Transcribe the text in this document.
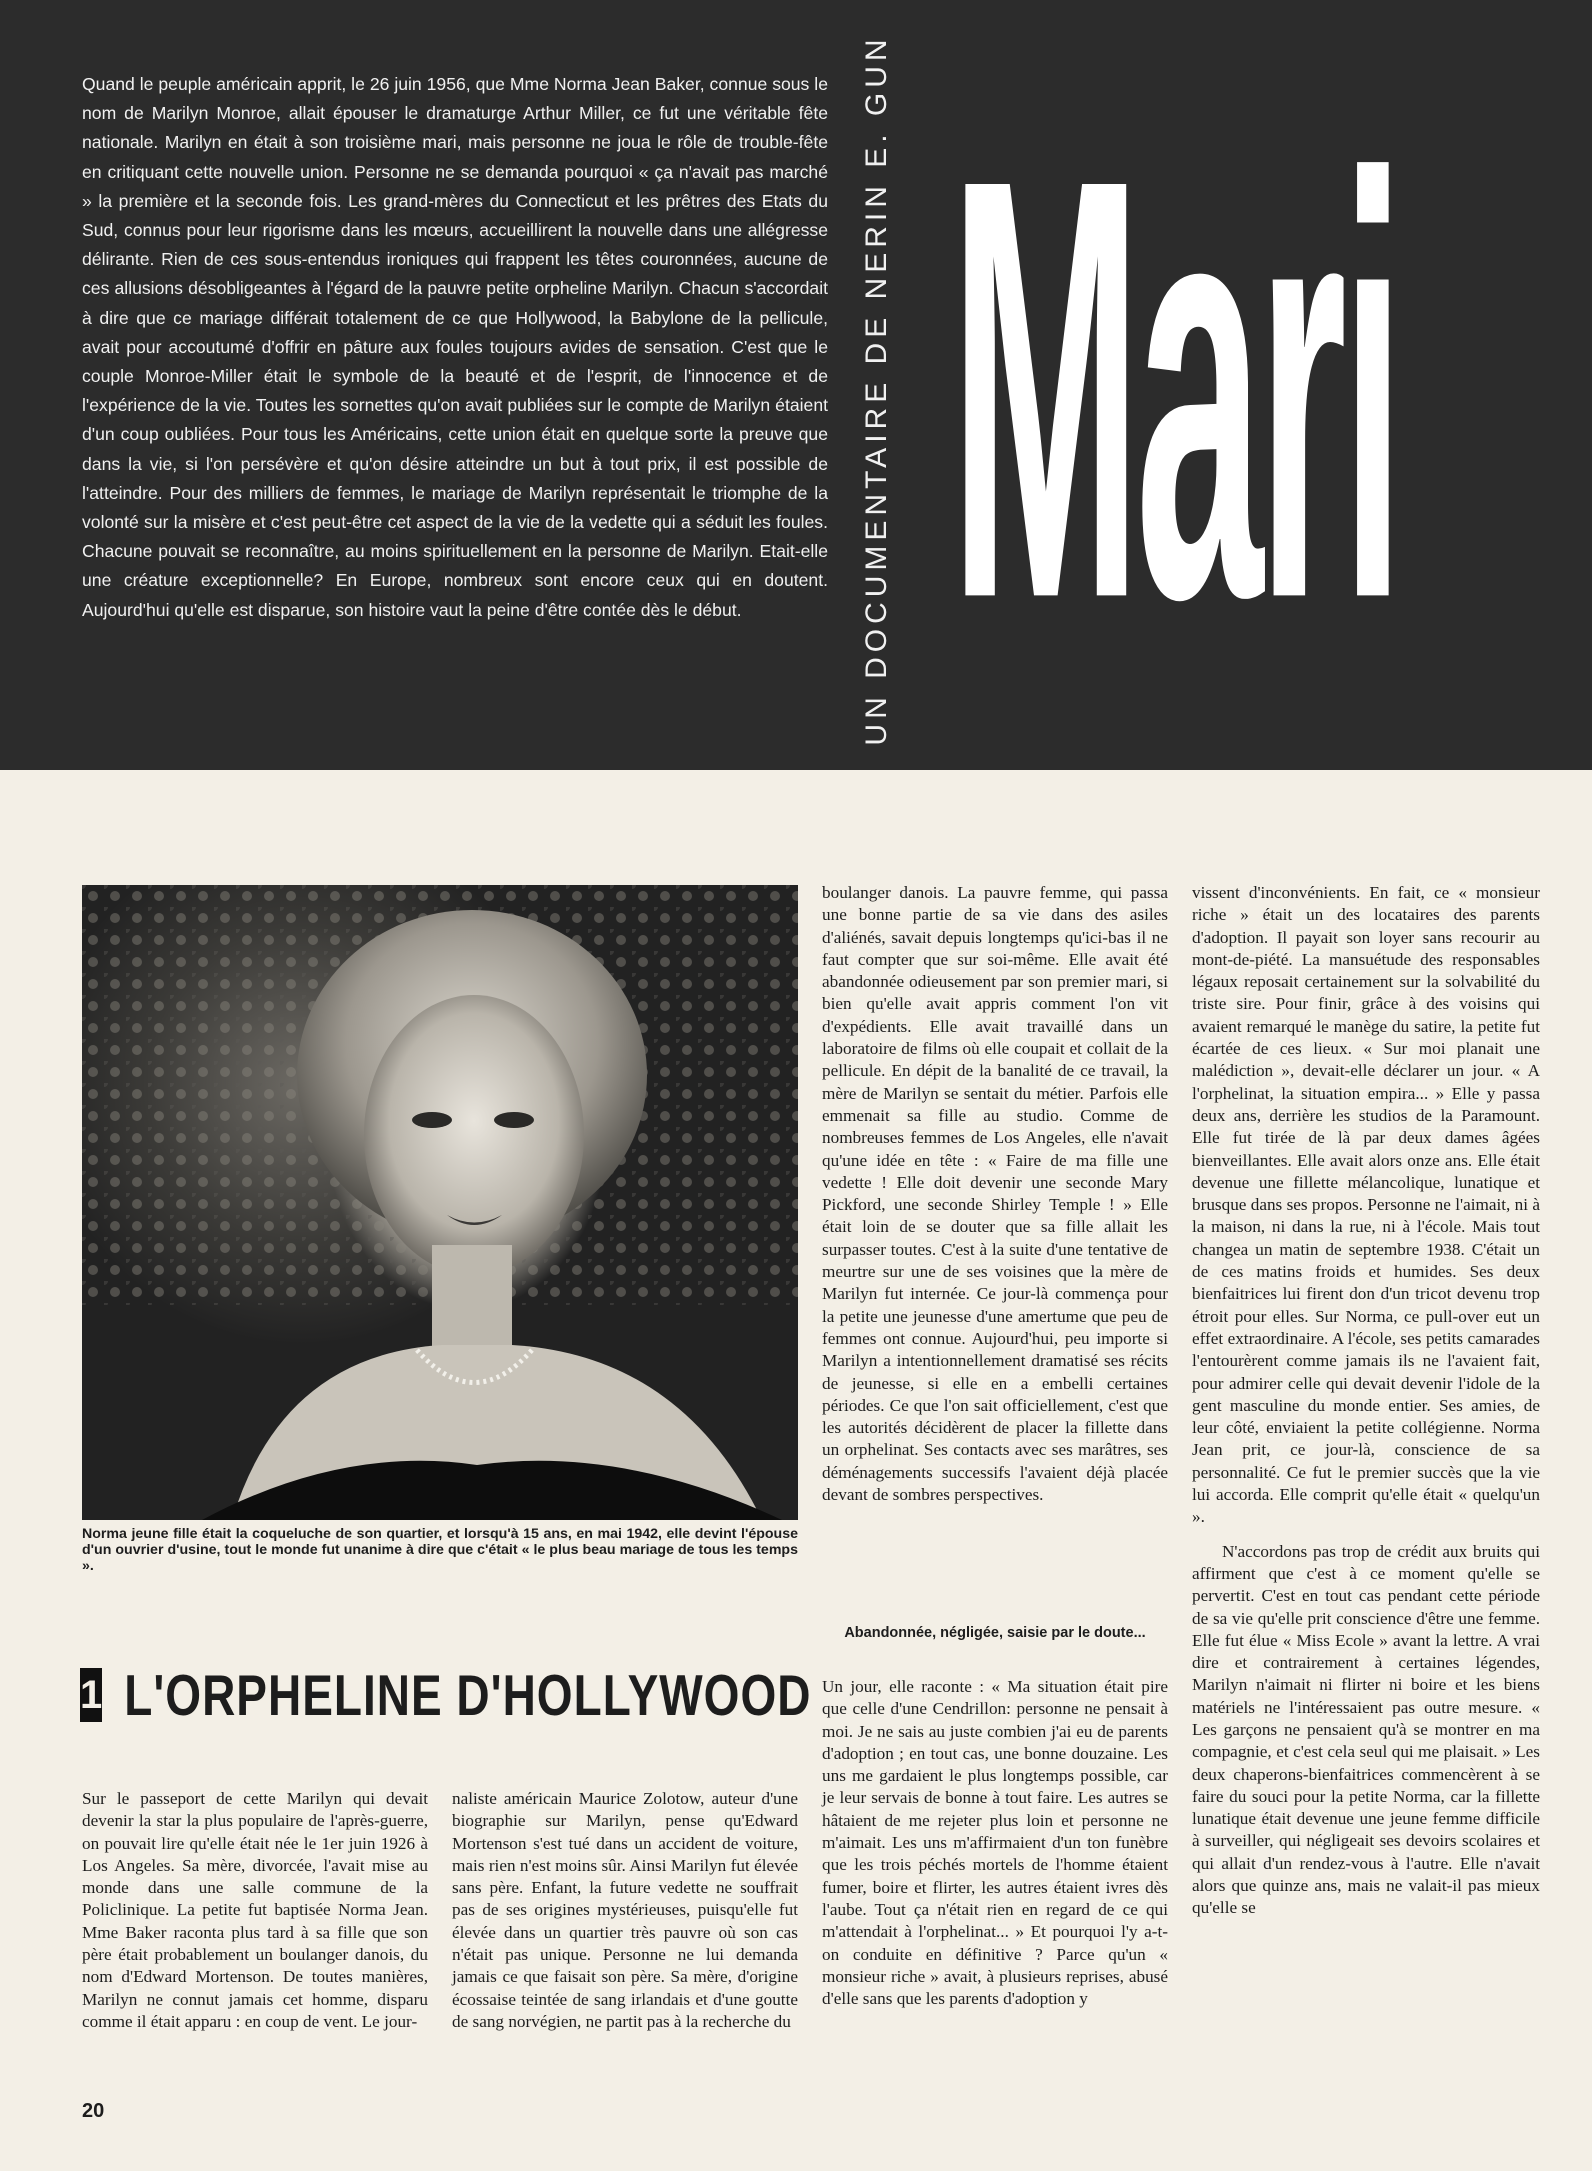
Quand le peuple américain apprit, le 26 juin 1956, que Mme Norma Jean Baker, connue sous le nom de Marilyn Monroe, allait épouser le dramaturge Arthur Miller, ce fut une véritable fête nationale. Marilyn en était à son troisième mari, mais personne ne joua le rôle de trouble-fête en critiquant cette nouvelle union. Personne ne se demanda pourquoi « ça n'avait pas marché » la première et la seconde fois. Les grand-mères du Connecticut et les prêtres des Etats du Sud, connus pour leur rigorisme dans les mœurs, accueillirent la nouvelle dans une allégresse délirante. Rien de ces sous-entendus ironiques qui frappent les têtes couronnées, aucune de ces allusions désobligeantes à l'égard de la pauvre petite orpheline Marilyn. Chacun s'accordait à dire que ce mariage différait totalement de ce que Hollywood, la Babylone de la pellicule, avait pour accoutumé d'offrir en pâture aux foules toujours avides de sensation. C'est que le couple Monroe-Miller était le symbole de la beauté et de l'esprit, de l'innocence et de l'expérience de la vie. Toutes les sornettes qu'on avait publiées sur le compte de Marilyn étaient d'un coup oubliées. Pour tous les Américains, cette union était en quelque sorte la preuve que dans la vie, si l'on persévère et qu'on désire atteindre un but à tout prix, il est possible de l'atteindre. Pour des milliers de femmes, le mariage de Marilyn représentait le triomphe de la volonté sur la misère et c'est peut-être cet aspect de la vie de la vedette qui a séduit les foules. Chacune pouvait se reconnaître, au moins spirituellement en la personne de Marilyn. Etait-elle une créature exceptionnelle? En Europe, nombreux sont encore ceux qui en doutent. Aujourd'hui qu'elle est disparue, son histoire vaut la peine d'être contée dès le début.	UN DOCUMENTAIRE DE NERIN E. GUN Mari

Norma jeune fille était la coqueluche de son quartier, et lorsqu'à 15 ans, en mai 1942, elle devint l'épouse d'un ouvrier d'usine, tout le monde fut unanime à dire que c'était « le plus beau mariage de tous les temps ».

1 L'ORPHELINE D'HOLLYWOOD

Sur le passeport de cette Marilyn qui devait devenir la star la plus populaire de l'après-guerre, on pouvait lire qu'elle était née le 1er juin 1926 à Los Angeles. Sa mère, divorcée, l'avait mise au monde dans une salle commune de la Policlinique. La petite fut baptisée Norma Jean. Mme Baker raconta plus tard à sa fille que son père était probablement un boulanger danois, du nom d'Edward Mortenson. De toutes manières, Marilyn ne connut jamais cet homme, disparu comme il était apparu : en coup de vent. Le jour-

naliste américain Maurice Zolotow, auteur d'une biographie sur Marilyn, pense qu'Edward Mortenson s'est tué dans un accident de voiture, mais rien n'est moins sûr. Ainsi Marilyn fut élevée sans père. Enfant, la future vedette ne souffrait pas de ses origines mystérieuses, puisqu'elle fut élevée dans un quartier très pauvre où son cas n'était pas unique. Personne ne lui demanda jamais ce que faisait son père. Sa mère, d'origine écossaise teintée de sang irlandais et d'une goutte de sang norvégien, ne partit pas à la recherche du

boulanger danois. La pauvre femme, qui passa une bonne partie de sa vie dans des asiles d'aliénés, savait depuis longtemps qu'ici-bas il ne faut compter que sur soi-même. Elle avait été abandonnée odieusement par son premier mari, si bien qu'elle avait appris comment l'on vit d'expédients. Elle avait travaillé dans un laboratoire de films où elle coupait et collait de la pellicule. En dépit de la banalité de ce travail, la mère de Marilyn se sentait du métier. Parfois elle emmenait sa fille au studio. Comme de nombreuses femmes de Los Angeles, elle n'avait qu'une idée en tête : « Faire de ma fille une vedette ! Elle doit devenir une seconde Mary Pickford, une seconde Shirley Temple ! » Elle était loin de se douter que sa fille allait les surpasser toutes. C'est à la suite d'une tentative de meurtre sur une de ses voisines que la mère de Marilyn fut internée. Ce jour-là commença pour la petite une jeunesse d'une amertume que peu de femmes ont connue. Aujourd'hui, peu importe si Marilyn a intentionnellement dramatisé ses récits de jeunesse, si elle en a embelli certaines périodes. Ce que l'on sait officiellement, c'est que les autorités décidèrent de placer la fillette dans un orphelinat. Ses contacts avec ses marâtres, ses déménagements successifs l'avaient déjà placée devant de sombres perspectives.

Abandonnée, négligée, saisie par le doute...

Un jour, elle raconte : « Ma situation était pire que celle d'une Cendrillon: personne ne pensait à moi. Je ne sais au juste combien j'ai eu de parents d'adoption ; en tout cas, une bonne douzaine. Les uns me gardaient le plus longtemps possible, car je leur servais de bonne à tout faire. Les autres se hâtaient de me rejeter plus loin et personne ne m'aimait. Les uns m'affirmaient d'un ton funèbre que les trois péchés mortels de l'homme étaient fumer, boire et flirter, les autres étaient ivres dès l'aube. Tout ça n'était rien en regard de ce qui m'attendait à l'orphelinat... » Et pourquoi l'y a-t-on conduite en définitive ? Parce qu'un « monsieur riche » avait, à plusieurs reprises, abusé d'elle sans que les parents d'adoption y

vissent d'inconvénients. En fait, ce « monsieur riche » était un des locataires des parents d'adoption. Il payait son loyer sans recourir au mont-de-piété. La mansuétude des responsables légaux reposait certainement sur la solvabilité du triste sire. Pour finir, grâce à des voisins qui avaient remarqué le manège du satire, la petite fut écartée de ces lieux. « Sur moi planait une malédiction », devait-elle déclarer un jour. « A l'orphelinat, la situation empira... » Elle y passa deux ans, derrière les studios de la Paramount. Elle fut tirée de là par deux dames âgées bienveillantes. Elle avait alors onze ans. Elle était devenue une fillette mélancolique, lunatique et brusque dans ses propos. Personne ne l'aimait, ni à la maison, ni dans la rue, ni à l'école. Mais tout changea un matin de septembre 1938. C'était un de ces matins froids et humides. Ses deux bienfaitrices lui firent don d'un tricot devenu trop étroit pour elles. Sur Norma, ce pull-over eut un effet extraordinaire. A l'école, ses petits camarades l'entourèrent comme jamais ils ne l'avaient fait, pour admirer celle qui devait devenir l'idole de la gent masculine du monde entier. Ses amies, de leur côté, enviaient la petite collégienne. Norma Jean prit, ce jour-là, conscience de sa personnalité. Ce fut le premier succès que la vie lui accorda. Elle comprit qu'elle était « quelqu'un ».

N'accordons pas trop de crédit aux bruits qui affirment que c'est à ce moment qu'elle se pervertit. C'est en tout cas pendant cette période de sa vie qu'elle prit conscience d'être une femme. Elle fut élue « Miss Ecole » avant la lettre. A vrai dire et contrairement à certaines légendes, Marilyn n'aimait ni flirter ni boire et les biens matériels ne l'intéressaient pas outre mesure. « Les garçons ne pensaient qu'à se montrer en ma compagnie, et c'est cela seul qui me plaisait. » Les deux chaperons-bienfaitrices commencèrent à se faire du souci pour la petite Norma, car la fillette lunatique était devenue une jeune femme difficile à surveiller, qui négligeait ses devoirs scolaires et qui allait d'un rendez-vous à l'autre. Elle n'avait alors que quinze ans, mais ne valait-il pas mieux qu'elle se

20
